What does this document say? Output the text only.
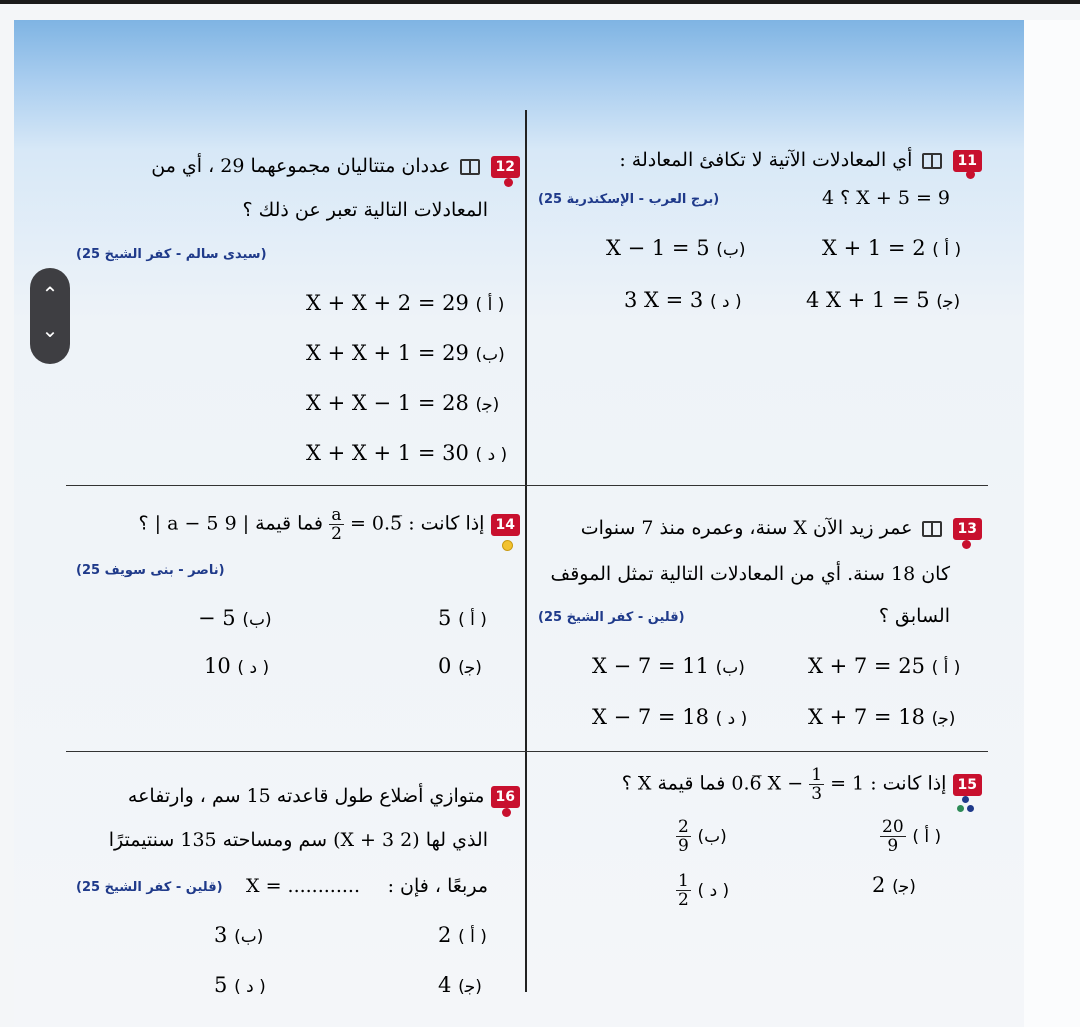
11  أي المعادلات الآتية لا تكافئ المعادلة :
؟ 4 X + 5 = 9
(برج العرب - الإسكندرية 25)
X + 1 = 2 ( أ )
X − 1 = 5 (ب)
4 X + 1 = 5 (ﺟ)
3 X = 3 ( د )
12  عددان متتاليان مجموعهما 29 ، أي من
المعادلات التالية تعبر عن ذلك ؟
(سيدى سالم - كفر الشيخ 25)
X + X + 2 = 29 ( أ )
X + X + 1 = 29 (ب)
X + X − 1 = 28 (ﺟ)
X + X + 1 = 30 ( د )
13  عمر زيد الآن X سنة، وعمره منذ 7 سنوات
كان 18 سنة. أي من المعادلات التالية تمثل الموقف
السابق ؟
(قلين - كفر الشيخ 25)
X + 7 = 25 ( أ )
X − 7 = 11 (ب)
X + 7 = 18 (ﺟ)
X − 7 = 18 ( د )
14 إذا كانت :
$\frac{a}{2}$ = 0.5̅ فما قيمة | 9 a − 5 | ؟
(ناصر - بنى سويف 25)
5 ( أ )
− 5 (ب)
0 (ﺟ)
10 ( د )
15 إذا كانت : 0.6̅ $X - \frac{1}{3} = 1$ فما قيمة X ؟
$\frac{20}{9}$ ( أ )
$\frac{2}{9}$ (ب)
2 (ﺟ)
$\frac{1}{2}$ ( د )
16 متوازي أضلاع طول قاعدته 15 سم ، وارتفاعه
الذي لها (2 X + 3) سم ومساحته 135 سنتيمترًا
مربعًا ، فإن :
X = ............
(قلين - كفر الشيخ 25)
2 ( أ )
3 (ب)
4 (ﺟ)
5 ( د )
⌃
⌄
